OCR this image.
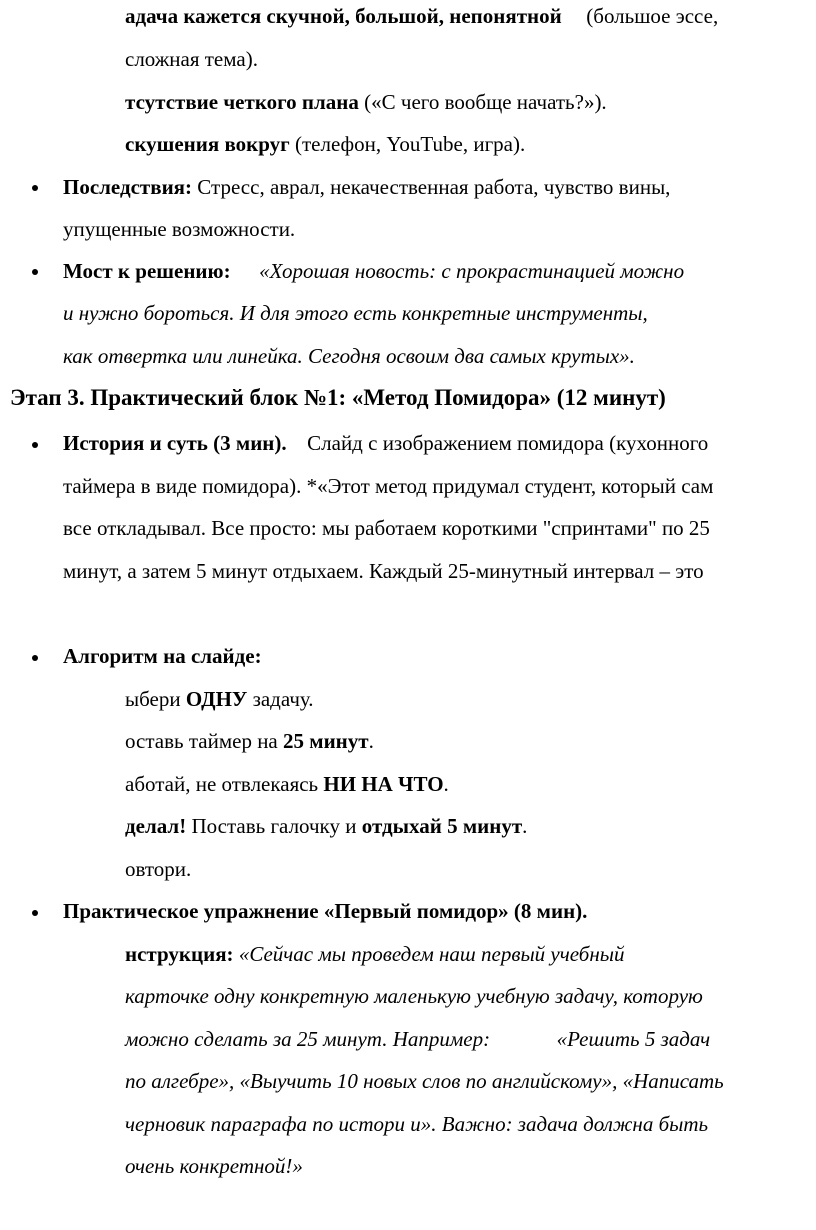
адача кажется скучной, большой, непонятной (большое эссе,
сложная тема).
тсутствие четкого плана («С чего вообще начать?»).
скушения вокруг (телефон, YouTube, игра).
Последствия: Стресс, аврал, некачественная работа, чувство вины,
упущенные возможности.
Мост к решению: «Хорошая новость: с прокрастинацией можно
и нужно бороться. И для этого есть конкретные инструменты,
как отвертка или линейка. Сегодня освоим два самых крутых».
Этап 3. Практический блок №1: «Метод Помидора» (12 минут)
История и суть (3 мин). Слайд с изображением помидора (кухонного
таймера в виде помидора). *«Этот метод придумал студент, который сам
все откладывал. Все просто: мы работаем короткими "спринтами" по 25
минут, а затем 5 минут отдыхаем. Каждый 25-минутный интервал – это
Алгоритм на слайде:
ыбери ОДНУ задачу.
оставь таймер на 25 минут.
аботай, не отвлекаясь НИ НА ЧТО.
делал! Поставь галочку и отдыхай 5 минут.
овтори.
Практическое упражнение «Первый помидор» (8 мин).
нструкция: «Сейчас мы проведем наш первый учебный
карточке одну конкретную маленькую учебную задачу, которую
можно сделать за 25 минут. Например:	«Решить 5 задач
по алгебре», «Выучить 10 новых слов по английскому», «Написать
черновик параграфа по истори и». Важно: задача должна быть
очень конкретной!»
